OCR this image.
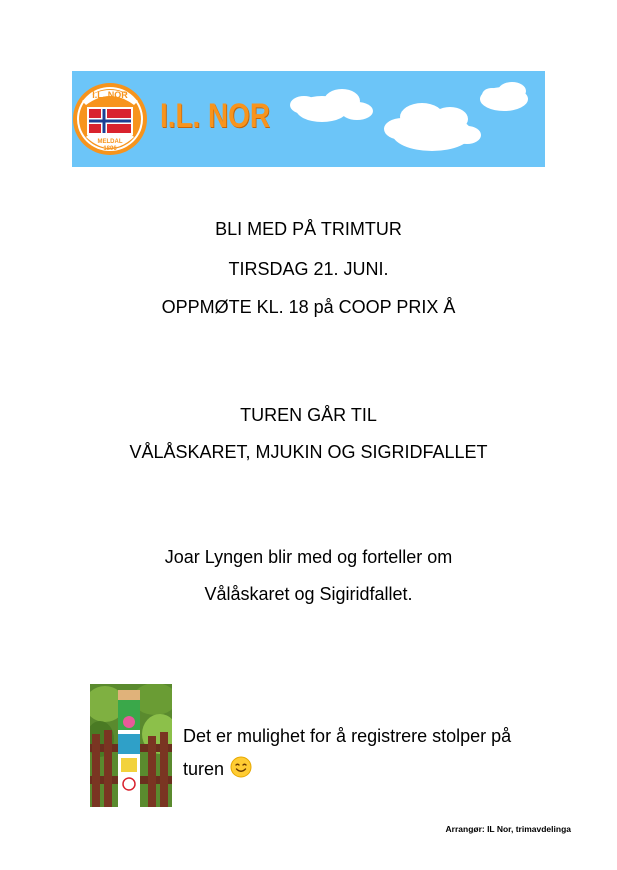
I.L. NOR
MELDAL
1896
I.L. NOR
BLI MED PÅ TRIMTUR
TIRSDAG 21. JUNI.
OPPMØTE KL. 18 på COOP PRIX Å
TUREN GÅR TIL
VÅLÅSKARET, MJUKIN OG SIGRIDFALLET
Joar Lyngen blir med og forteller om
Vålåskaret og Sigiridfallet.
Det er mulighet for å registrere stolper på
turen
Arrangør: IL Nor, trimavdelinga
